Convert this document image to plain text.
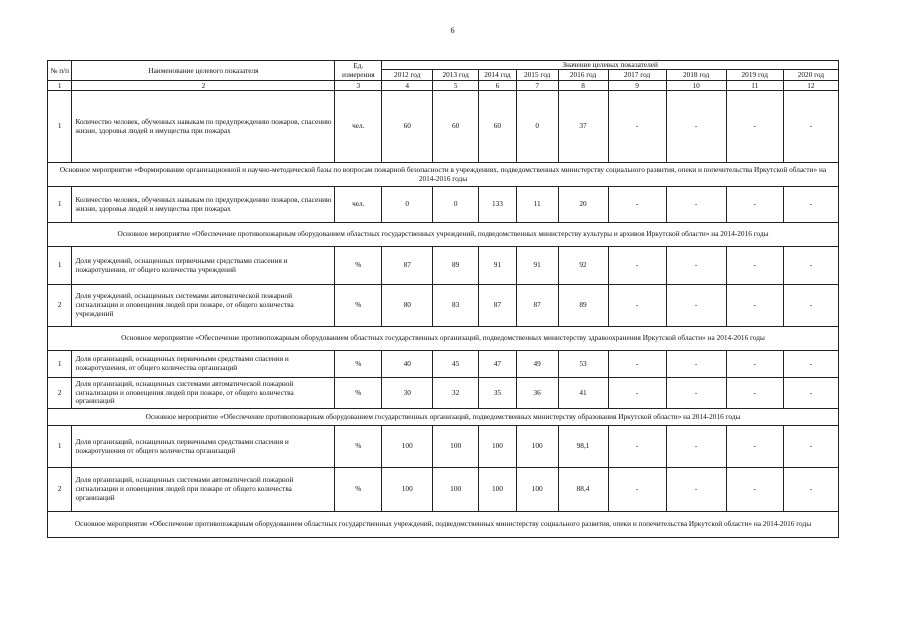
6
№ п/п	Наименование целевого показателя	Ед. измерения	Значение целевых показателей								
			2012 год	2013 год	2014 год	2015 год	2016 год	2017 год	2018 год	2019 год	2020 год
1	2	3	4	5	6	7	8	9	10	11	12
1	Количество человек, обученных навыкам по предупреждению пожаров, спасению жизни, здоровья людей и имущества при пожарах	чел.	60	60	60	0	37	-	-	-	-
Основное мероприятие «Формирование организационной и научно-методической базы по вопросам пожарной безопасности в учреждениях, подведомственных министерству социального развития, опеки и попечительства Иркутской области» на 2014-2016 годы											
1	Количество человек, обученных навыкам по предупреждению пожаров, спасению жизни, здоровья людей и имущества при пожарах	чел.	0	0	133	11	20	-	-	-	-
Основное мероприятие «Обеспечение противопожарным оборудованием областных государственных учреждений, подведомственных министерству культуры и архивов Иркутской области» на 2014-2016 годы											
1	Доля учреждений, оснащенных первичными средствами спасения и пожаротушения, от общего количества учреждений	%	87	89	91	91	92	-	-	-	-
2	Доля учреждений, оснащенных системами автоматической пожарной сигнализации и оповещения людей при пожаре, от общего количества учреждений	%	80	83	87	87	89	-	-	-	-
Основное мероприятие «Обеспечение противопожарным оборудованием областных государственных организаций, подведомственных министерству здравоохранения Иркутской области» на 2014-2016 годы											
1	Доля организаций, оснащенных первичными средствами спасения и пожаротушения, от общего количества организаций	%	40	45	47	49	53	-	-	-	-
2	Доля организаций, оснащенных системами автоматической пожарной сигнализации и оповещения людей при пожаре, от общего количества организаций	%	30	32	35	36	41	-	-	-	-
Основное мероприятие «Обеспечение противопожарным оборудованием государственных организаций, подведомственных министерству образования Иркутской области» на 2014-2016 годы											
1	Доля организаций, оснащенных первичными средствами спасения и пожаротушения от общего количества организаций	%	100	100	100	100	98,1	-	-	-	-
2	Доля организаций, оснащенных системами автоматической пожарной сигнализации и оповещения людей при пожаре от общего количества организаций	%	100	100	100	100	88,4	-	-	-	-
Основное мероприятие «Обеспечение противопожарным оборудованием областных государственных учреждений, подведомственных министерству социального развития, опеки и попечительства Иркутской области» на 2014-2016 годы											
